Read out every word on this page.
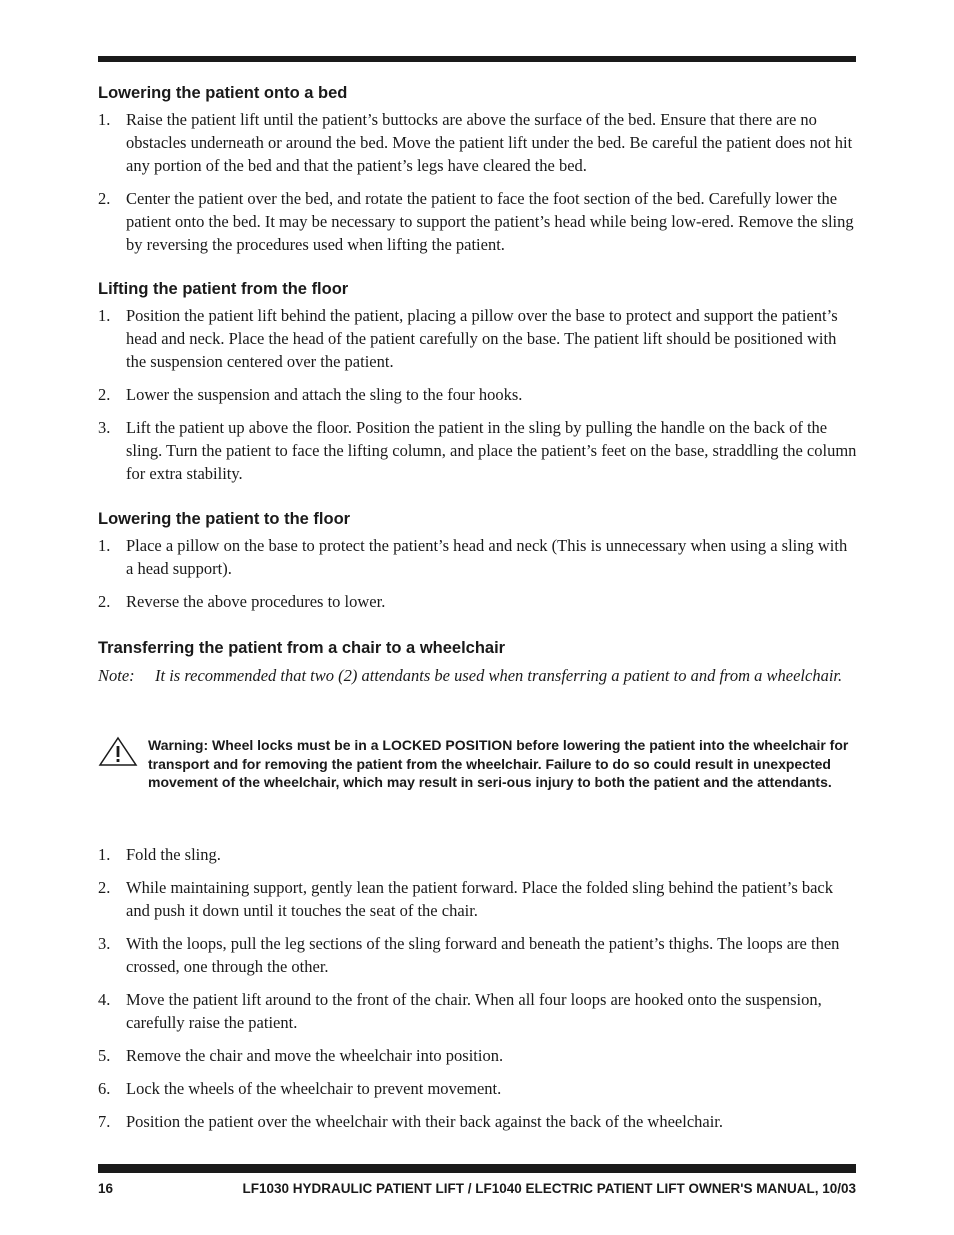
Lowering the patient onto a bed
1. Raise the patient lift until the patient’s buttocks are above the surface of the bed. Ensure that there are no obstacles underneath or around the bed. Move the patient lift under the bed. Be careful the patient does not hit any portion of the bed and that the patient’s legs have cleared the bed.
2. Center the patient over the bed, and rotate the patient to face the foot section of the bed. Carefully lower the patient onto the bed. It may be necessary to support the patient’s head while being low-ered. Remove the sling by reversing the procedures used when lifting the patient.
Lifting the patient from the floor
1. Position the patient lift behind the patient, placing a pillow over the base to protect and support the patient’s head and neck. Place the head of the patient carefully on the base. The patient lift should be positioned with the suspension centered over the patient.
2. Lower the suspension and attach the sling to the four hooks.
3. Lift the patient up above the floor. Position the patient in the sling by pulling the handle on the back of the sling. Turn the patient to face the lifting column, and place the patient’s feet on the base, straddling the column for extra stability.
Lowering the patient to the floor
1. Place a pillow on the base to protect the patient’s head and neck (This is unnecessary when using a sling with a head support).
2. Reverse the above procedures to lower.
Transferring the patient from a chair to a wheelchair
Note: It is recommended that two (2) attendants be used when transferring a patient to and from a wheelchair.
Warning: Wheel locks must be in a LOCKED POSITION before lowering the patient into the wheelchair for transport and for removing the patient from the wheelchair. Failure to do so could result in unexpected movement of the wheelchair, which may result in seri-ous injury to both the patient and the attendants.
1. Fold the sling.
2. While maintaining support, gently lean the patient forward. Place the folded sling behind the patient’s back and push it down until it touches the seat of the chair.
3. With the loops, pull the leg sections of the sling forward and beneath the patient’s thighs. The loops are then crossed, one through the other.
4. Move the patient lift around to the front of the chair. When all four loops are hooked onto the suspension, carefully raise the patient.
5. Remove the chair and move the wheelchair into position.
6. Lock the wheels of the wheelchair to prevent movement.
7. Position the patient over the wheelchair with their back against the back of the wheelchair.
16	LF1030 HYDRAULIC PATIENT LIFT / LF1040 ELECTRIC PATIENT LIFT OWNER'S MANUAL, 10/03
